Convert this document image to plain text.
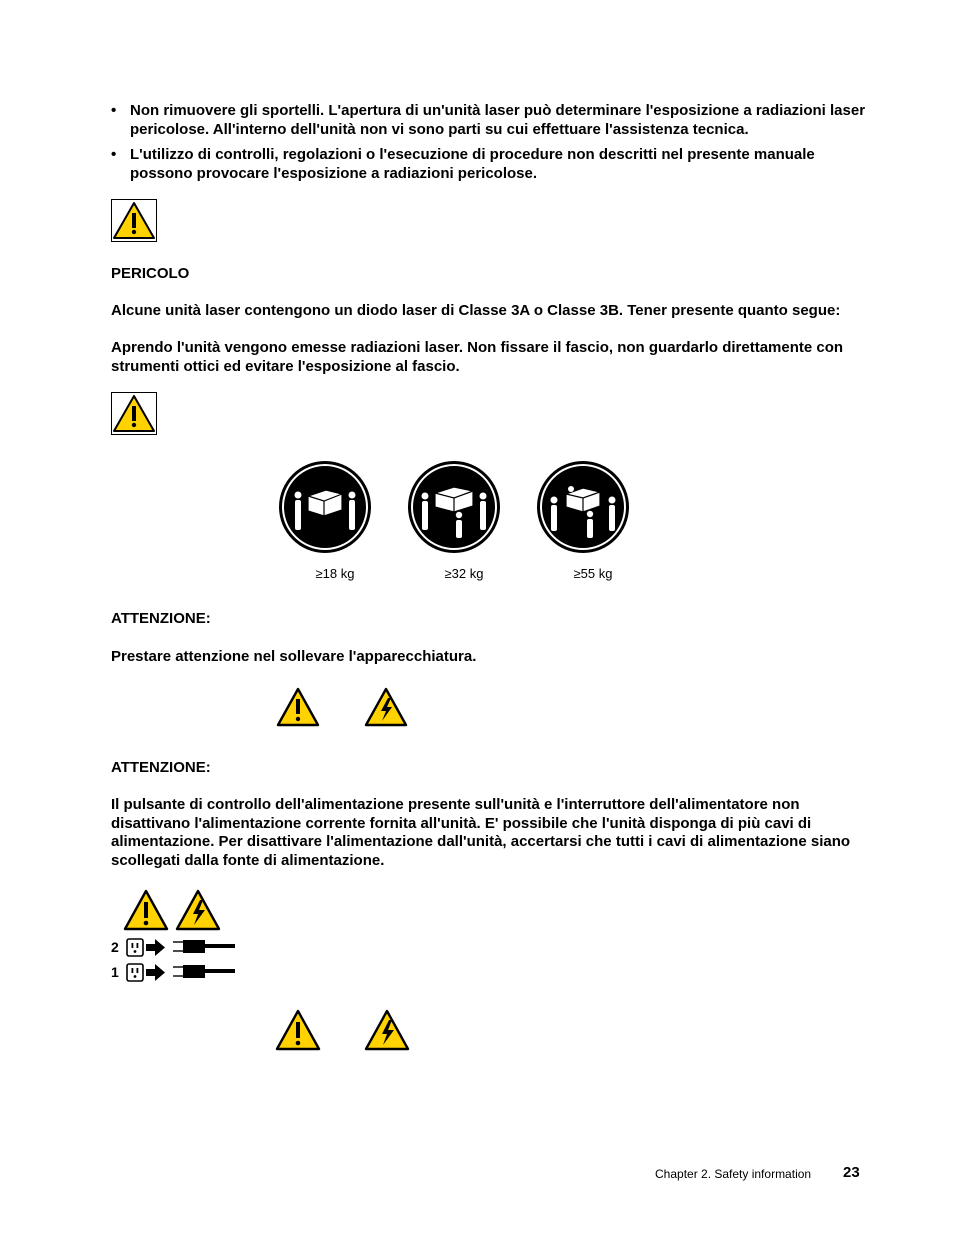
• Non rimuovere gli sportelli. L'apertura di un'unità laser può determinare l'esposizione a radiazioni laser pericolose. All'interno dell'unità non vi sono parti su cui effettuare l'assistenza tecnica.
• L'utilizzo di controlli, regolazioni o l'esecuzione di procedure non descritti nel presente manuale possono provocare l'esposizione a radiazioni pericolose.
PERICOLO
Alcune unità laser contengono un diodo laser di Classe 3A o Classe 3B. Tener presente quanto segue:
Aprendo l'unità vengono emesse radiazioni laser. Non fissare il fascio, non guardarlo direttamente con strumenti ottici ed evitare l'esposizione al fascio.
≥18 kg	≥32 kg	≥55 kg
ATTENZIONE:
Prestare attenzione nel sollevare l'apparecchiatura.
ATTENZIONE:
Il pulsante di controllo dell'alimentazione presente sull'unità e l'interruttore dell'alimentatore non disattivano l'alimentazione corrente fornita all'unità. E' possibile che l'unità disponga di più cavi di alimentazione. Per disattivare l'alimentazione dall'unità, accertarsi che tutti i cavi di alimentazione siano scollegati dalla fonte di alimentazione.
2
1
Chapter 2. Safety information 23
